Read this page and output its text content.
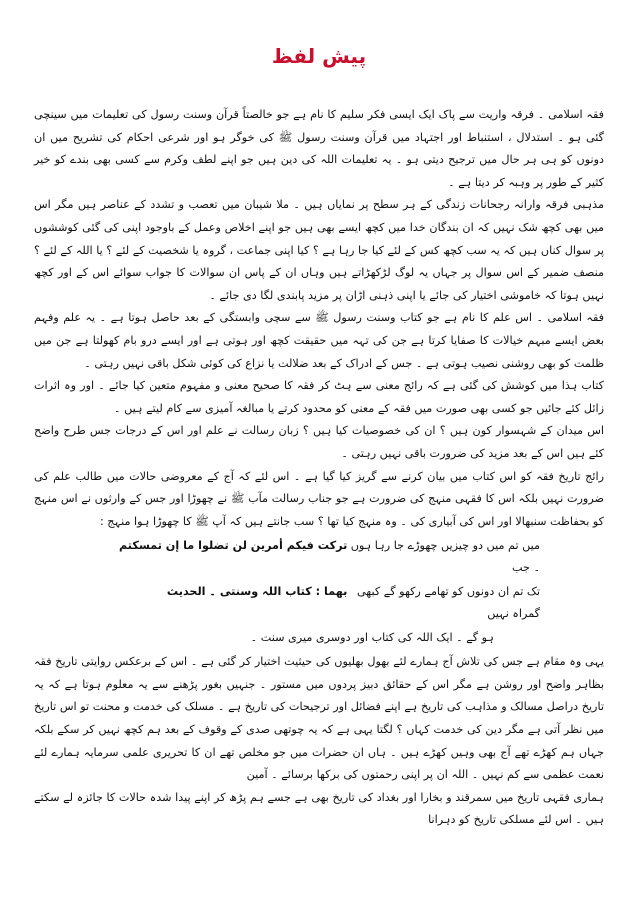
پیش لفظ

فقہ اسلامی ۔ فرقہ واریت سے پاک ایک ایسی فکر سلیم کا نام ہے جو خالصتاً قرآن وسنت رسول کی تعلیمات میں سینچی گئی ہو ۔ استدلال ، استنباط اور اجتہاد میں قرآن وسنت رسول ﷺ کی خوگر ہو اور شرعی احکام کی تشریح میں ان دونوں کو ہی ہر حال میں ترجیح دیتی ہو ۔ یہ تعلیمات اللہ کی دین ہیں جو اپنے لطف وکرم سے کسی بھی بندے کو خیر کثیر کے طور پر وہبہ کر دیتا ہے ۔

مذہبی فرقہ وارانہ رجحانات زندگی کے ہر سطح پر نمایاں ہیں ۔ ملا شیبان میں تعصب و تشدد کے عناصر ہیں مگر اس میں بھی کچھ شک نہیں کہ ان بندگان خدا میں کچھ ایسے بھی ہیں جو اپنے اخلاص وعمل کے باوجود اپنی کی گئی کوششوں پر سوال کناں ہیں کہ یہ سب کچھ کس کے لئے کیا جا رہا ہے ؟ کیا اپنی جماعت ، گروہ یا شخصیت کے لئے ؟ یا اللہ کے لئے ؟ منصف ضمیر کے اس سوال پر جہاں یہ لوگ لڑکھڑاتے ہیں وہاں ان کے پاس ان سوالات کا جواب سوائے اس کے اور کچھ نہیں ہوتا کہ خاموشی اختیار کی جائے یا اپنی ذہنی اڑان پر مزید پابندی لگا دی جائے ۔

فقہ اسلامی ۔ اس علم کا نام ہے جو کتاب وسنت رسول ﷺ سے سچی وابستگی کے بعد حاصل ہوتا ہے ۔ یہ علم وفہم بعض ایسے مبہم خیالات کا صفایا کرتا ہے جن کی تہہ میں حقیقت کچھ اور ہوتی ہے اور ایسے درو بام کھولتا ہے جن میں ظلمت کو بھی روشنی نصیب ہوتی ہے ۔ جس کے ادراک کے بعد ضلالت یا نزاع کی کوئی شکل باقی نہیں رہتی ۔

کتاب ہذا میں کوشش کی گئی ہے کہ رائج معنی سے ہٹ کر فقہ کا صحیح معنی و مفہوم متعین کیا جائے ۔ اور وہ اثرات زائل کئے جائیں جو کسی بھی صورت میں فقہ کے معنی کو محدود کرتے یا مبالغہ آمیزی سے کام لیتے ہیں ۔

اس میدان کے شہسوار کون ہیں ؟ ان کی خصوصیات کیا ہیں ؟ زبان رسالت نے علم اور اس کے درجات جس طرح واضح کئے ہیں اس کے بعد مزید کی ضرورت باقی نہیں رہتی ۔

رائج تاریخ فقہ کو اس کتاب میں بیان کرنے سے گریز کیا گیا ہے ۔ اس لئے کہ آج کے معروضی حالات میں طالب علم کی ضرورت نہیں بلکہ اس کا فقہی منہج کی ضرورت ہے جو جناب رسالت مآب ﷺ نے چھوڑا اور جس کے وارثوں نے اس منہج کو بحفاظت سنبھالا اور اس کی آبیاری کی ۔ وہ منہج کیا تھا ؟ سب جانتے ہیں کہ آپ ﷺ کا چھوڑا ہوا منہج :

میں تم میں دو چیزیں چھوڑے جا رہا ہوں ۔ جب
ترکت فیکم أمرین لن تضلوا ما إن تمسکتم
تک تم ان دونوں کو تھامے رکھو گے کبھی گمراہ نہیں
بھما : کتاب اللہ وسنتی ۔ الحدیث
ہو گے ۔ ایک اللہ کی کتاب اور دوسری میری سنت ۔

یہی وہ مقام ہے جس کی تلاش آج ہمارے لئے بھول بھلیوں کی حیثیت اختیار کر گئی ہے ۔ اس کے برعکس روایتی تاریخ فقہ بظاہر واضح اور روشن ہے مگر اس کے حقائق دبیز پردوں میں مستور ۔ جنہیں بغور پڑھنے سے یہ معلوم ہوتا ہے کہ یہ تاریخ دراصل مسالک و مذاہب کی تاریخ ہے اپنے فضائل اور ترجیحات کی تاریخ ہے ۔ مسلک کی خدمت و محنت تو اس تاریخ میں نظر آتی ہے مگر دین کی خدمت کہاں ؟ لگتا یہی ہے کہ یہ چوتھی صدی کے وقوف کے بعد ہم کچھ نہیں کر سکے بلکہ جہاں ہم کھڑے تھے آج بھی وہیں کھڑے ہیں ۔ ہاں ان حضرات میں جو مخلص تھے ان کا تحریری علمی سرمایہ ہمارے لئے نعمت عظمی سے کم نہیں ۔ اللہ ان پر اپنی رحمتوں کی برکھا برسائے ۔ آمین

ہماری فقہی تاریخ میں سمرقند و بخارا اور بغداد کی تاریخ بھی ہے جسے ہم پڑھ کر اپنے پیدا شدہ حالات کا جائزہ لے سکتے ہیں ۔ اس لئے مسلکی تاریخ کو دہرانا
